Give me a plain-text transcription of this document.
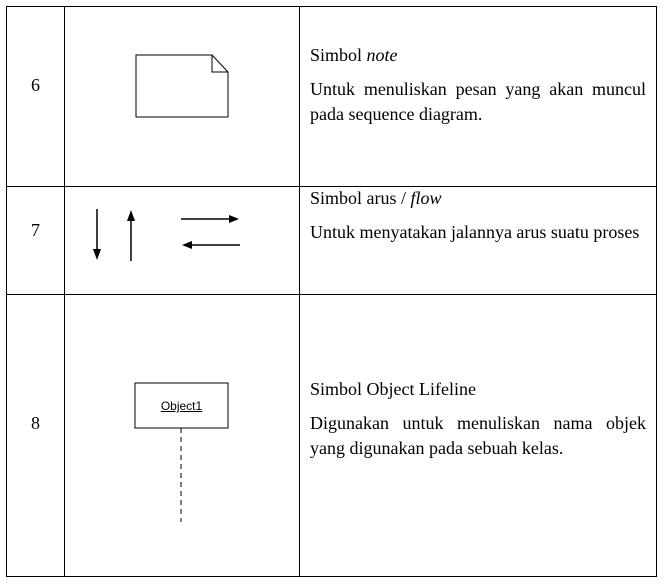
6

Simbol note

Untuk menuliskan pesan yang akan muncul pada sequence diagram.

7

Simbol arus / flow

Untuk menyatakan jalannya arus suatu proses

8
Object1

Simbol Object Lifeline

Digunakan untuk menuliskan nama objek yang digunakan pada sebuah kelas.
